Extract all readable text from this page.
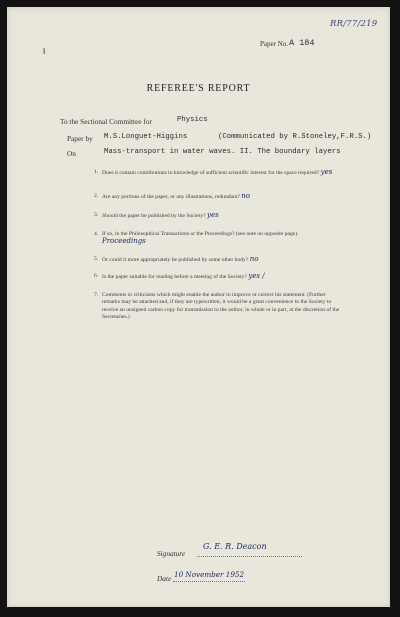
RR/77/219
ɫ
Paper No. A 184
REFEREE'S REPORT
To the Sectional Committee for	Physics
Paper by M.S.Longuet-Higgins	(Communicated by R.Stoneley,F.R.S.)
On	Mass-transport in water waves. II. The boundary layers
1. Does it contain contributions to knowledge of sufficient scientific interest for the space required? yes
2. Are any portions of the paper, or any illustrations, redundant? no
3. Should the paper be published by the Society? yes
4. If so, in the Philosophical Transactions or the Proceedings? (see note on opposite page). Proceedings
5. Or could it more appropriately be published by some other body? no
6. Is the paper suitable for reading before a meeting of the Society? yes /
7. Comments or criticisms which might enable the author to improve or correct his statement. (Further remarks may be attached and, if they are typewritten, it would be a great convenience to the Society to receive an unsigned carbon copy for transmission to the author, in whole or in part, at the discretion of the Secretaries.)
Signature
G. E. R. Deacon
Date 10 November 1952
